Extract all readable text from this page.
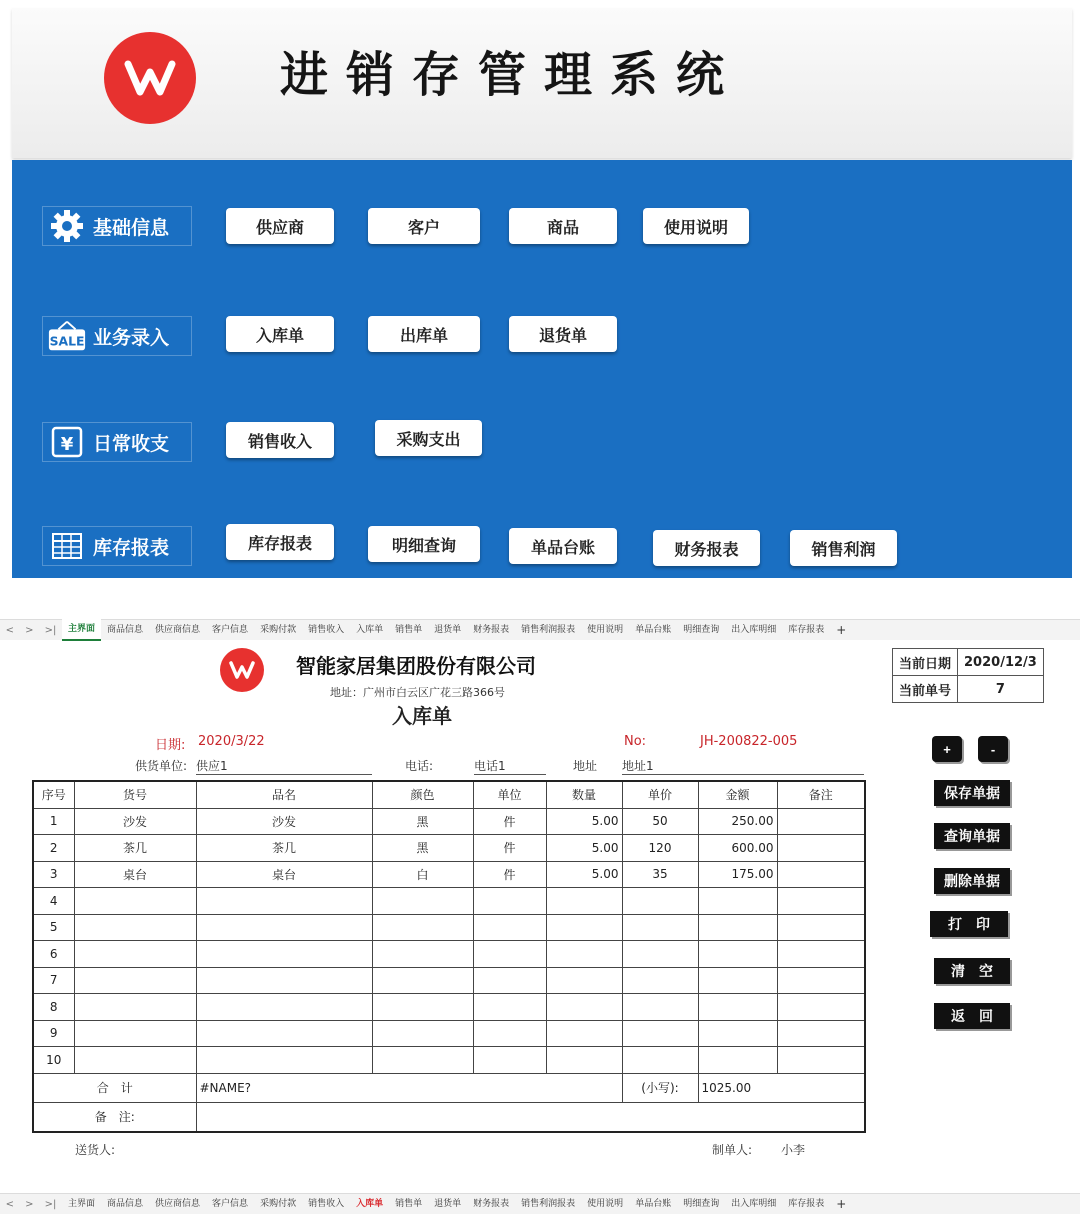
进销存管理系统
基础信息	供应商	客户	商品	使用说明
SALE 业务录入	入库单	出库单	退货单
¥ 日常收支	销售收入	采购支出
库存报表	库存报表	明细查询	单品台账	财务报表	销售利润
< > >|	主界面	商品信息	供应商信息	客户信息	采购付款	销售收入	入库单	销售单	退货单	财务报表	销售利润报表	使用说明	单品台账	明细查询	出入库明细	库存报表	+
智能家居集团股份有限公司
地址：广州市白云区广花三路366号
入库单
当前日期	2020/12/3
当前单号	7
日期: 2020/3/22	No:	JH-200822-005
供货单位: 供应1	电话:	电话1	地址 地址1
序号	货号	品名	颜色	单位	数量	单价	金额	备注
1	沙发	沙发	黑	件	5.00	50	250.00	
2	茶几	茶几	黑	件	5.00	120	600.00	
3	桌台	桌台	白	件	5.00	35	175.00	
4								
5								
6								
7								
8								
9								
10								
合　计		#NAME?				(小写):	1025.00	
备　注:								
送货人:	制单人: 小李
+	-
保存单据
查询单据
删除单据
打　印
清　空
返　回
< > >|	主界面	商品信息	供应商信息	客户信息	采购付款	销售收入	入库单	销售单	退货单	财务报表	销售利润报表	使用说明	单品台账	明细查询	出入库明细	库存报表	+
